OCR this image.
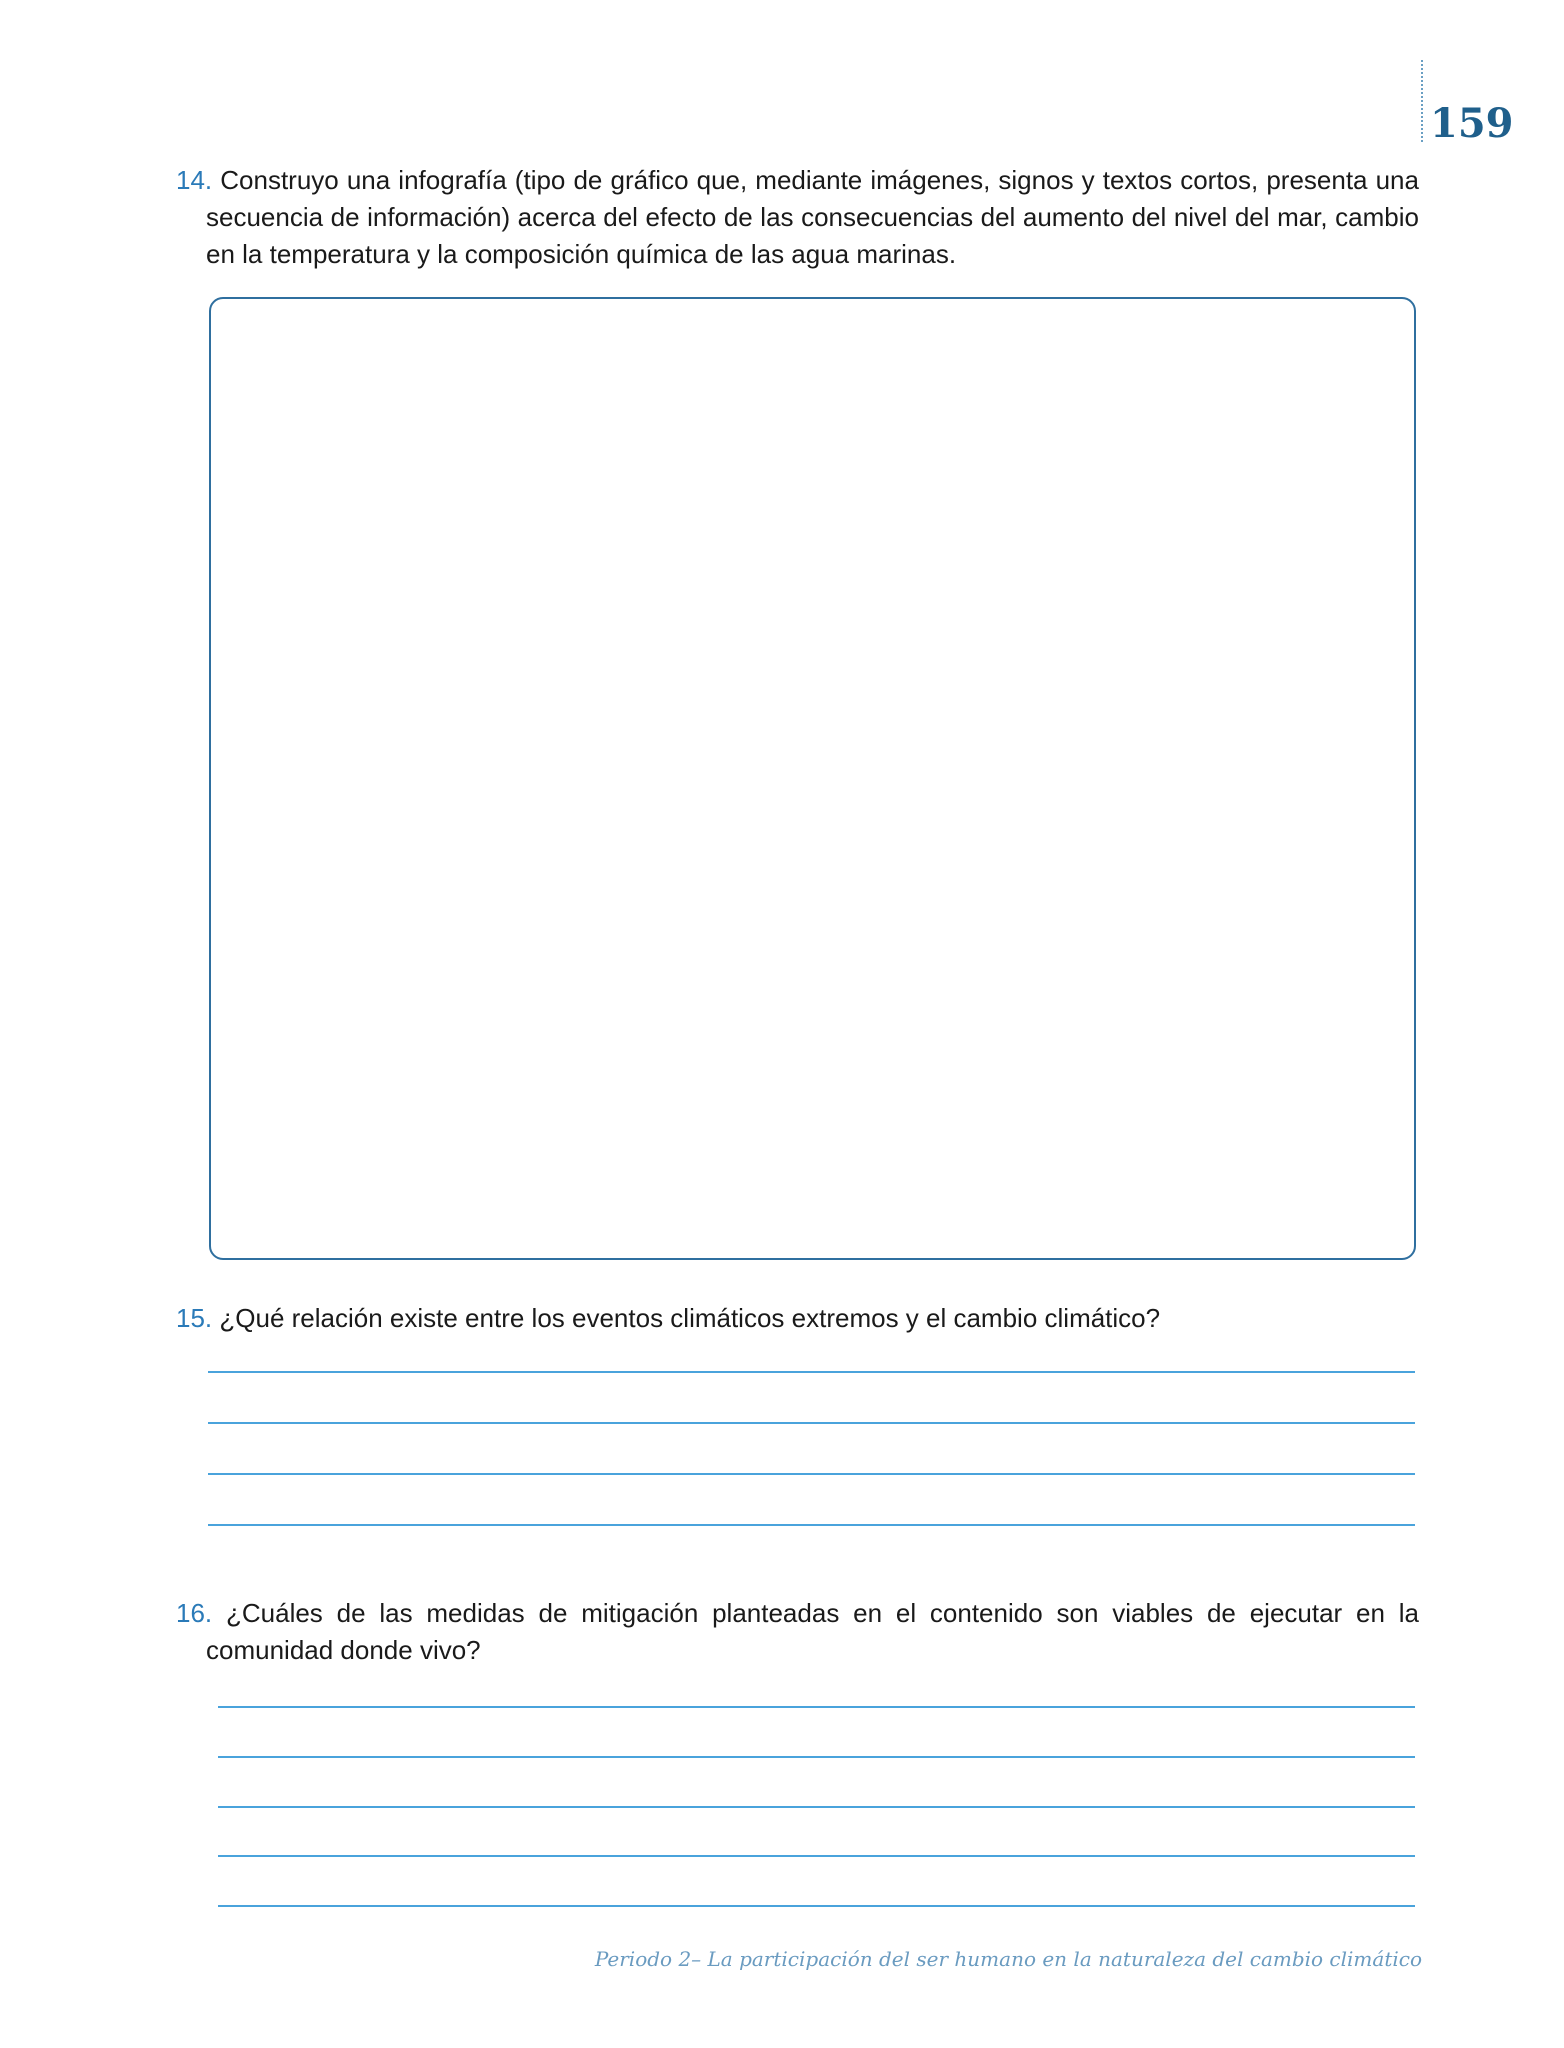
159
14. Construyo una infografía (tipo de gráfico que, mediante imágenes, signos y textos cortos, presenta una secuencia de información) acerca del efecto de las consecuencias del aumento del nivel del mar, cambio en la temperatura y la composición química de las agua marinas.
15. ¿Qué relación existe entre los eventos climáticos extremos y el cambio climático?
16. ¿Cuáles de las medidas de mitigación planteadas en el contenido son viables de ejecutar en la comunidad donde vivo?
Periodo 2– La participación del ser humano en la naturaleza del cambio climático
